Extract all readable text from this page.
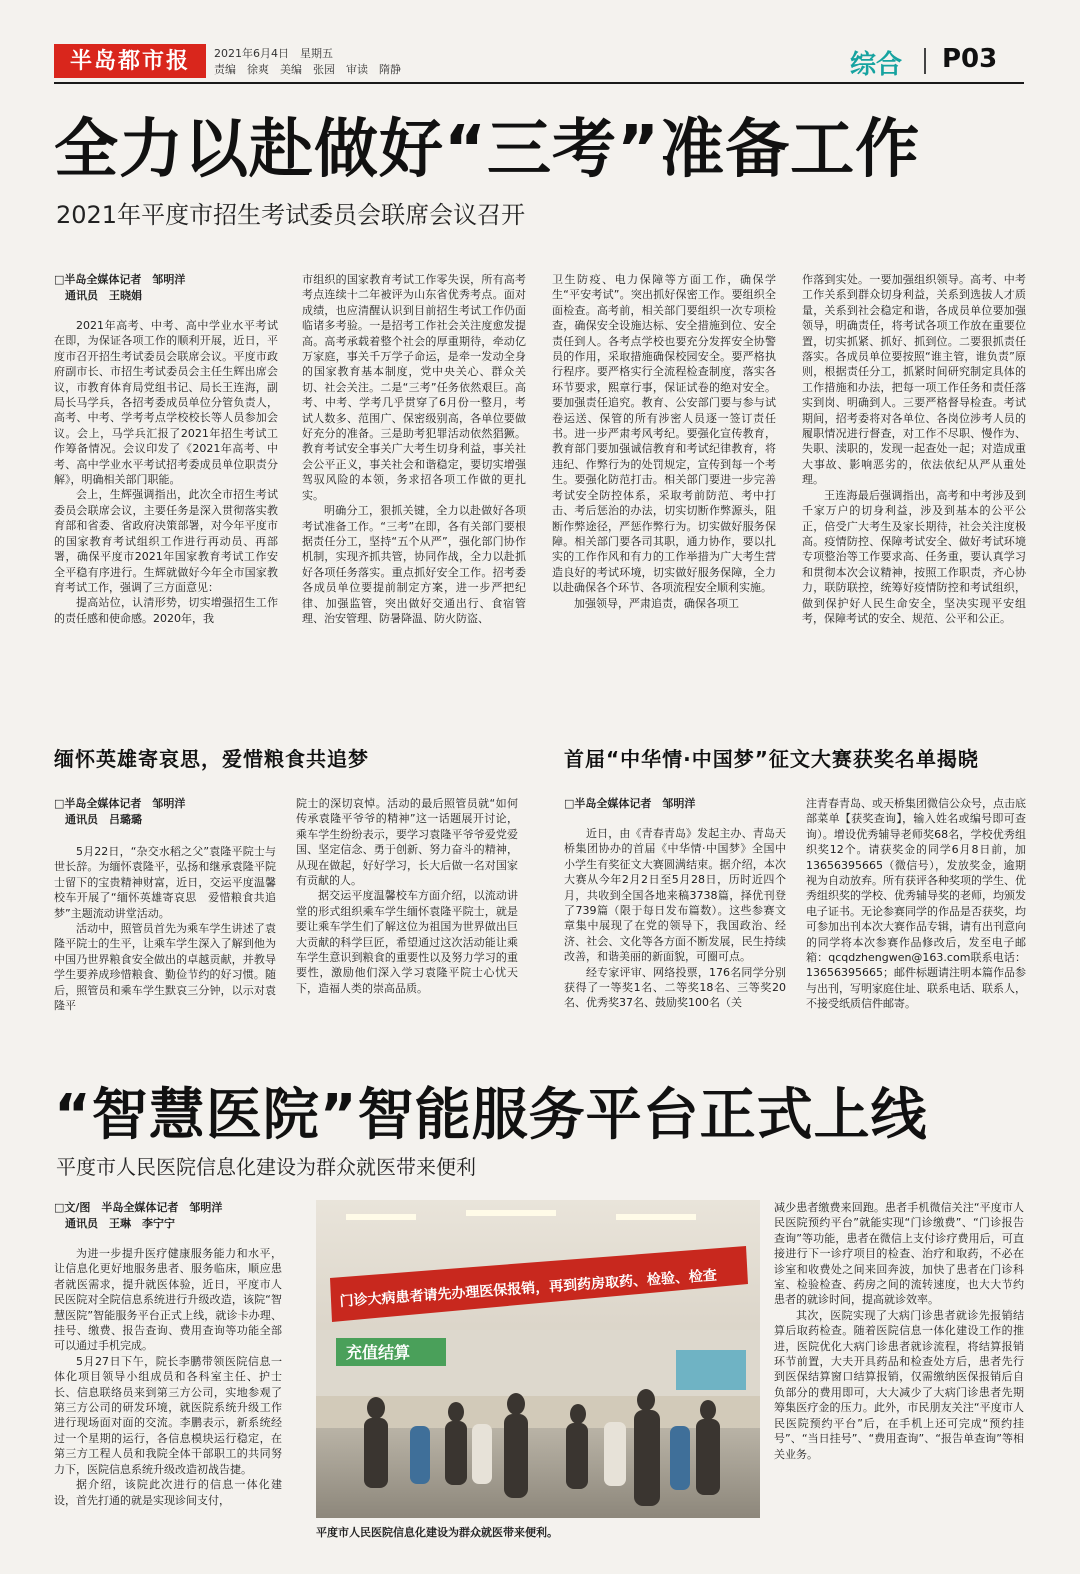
半岛都市报	2021年6月4日　星期五
责编　徐爽　美编　张园　审读　隋静	综合 P03
全力以赴做好“三考”准备工作
2021年平度市招生考试委员会联席会议召开
□半岛全媒体记者　邹明洋
　通讯员　王晓娟

2021年高考、中考、高中学业水平考试在即，为保证各项工作的顺利开展，近日，平度市召开招生考试委员会联席会议。平度市政府副市长、市招生考试委员会主任生辉出席会议，市教育体育局党组书记、局长王连海，副局长马学兵，各招考委成员单位分管负责人，高考、中考、学考考点学校校长等人员参加会议。会上，马学兵汇报了2021年招生考试工作筹备情况。会议印发了《2021年高考、中考、高中学业水平考试招考委成员单位职责分解》，明确相关部门职能。

会上，生辉强调指出，此次全市招生考试委员会联席会议，主要任务是深入贯彻落实教育部和省委、省政府决策部署，对今年平度市的国家教育考试组织工作进行再动员、再部署，确保平度市2021年国家教育考试工作安全平稳有序进行。生辉就做好今年全市国家教育考试工作，强调了三方面意见：

提高站位，认清形势，切实增强招生工作的责任感和使命感。2020年，我

市组织的国家教育考试工作零失误，所有高考考点连续十二年被评为山东省优秀考点。面对成绩，也应清醒认识到目前招生考试工作仍面临诸多考验。一是招考工作社会关注度愈发提高。高考承载着整个社会的厚重期待，牵动亿万家庭，事关千万学子命运，是牵一发动全身的国家教育基本制度，党中央关心、群众关切、社会关注。二是“三考”任务依然艰巨。高考、中考、学考几乎贯穿了6月份一整月，考试人数多、范围广、保密级别高，各单位要做好充分的准备。三是助考犯罪活动依然猖獗。教育考试安全事关广大考生切身利益，事关社会公平正义，事关社会和谐稳定，要切实增强驾驭风险的本领，务求招各项工作做的更扎实。

明确分工，狠抓关键，全力以赴做好各项考试准备工作。“三考”在即，各有关部门要根据责任分工，坚持“五个从严”，强化部门协作机制，实现齐抓共管，协同作战，全力以赴抓好各项任务落实。重点抓好安全工作。招考委各成员单位要提前制定方案，进一步严把纪律、加强监管，突出做好交通出行、食宿管理、治安管理、防暑降温、防火防盗、

卫生防疫、电力保障等方面工作，确保学生“平安考试”。突出抓好保密工作。要组织全面检查。高考前，相关部门要组织一次专项检查，确保安全设施达标、安全措施到位、安全责任到人。各考点学校也要充分发挥安全协警员的作用，采取措施确保校园安全。要严格执行程序。要严格实行全流程检查制度，落实各环节要求，熙章行事，保证试卷的绝对安全。要加强责任追究。教育、公安部门要与参与试卷运送、保管的所有涉密人员逐一签订责任书。进一步严肃考风考纪。要强化宣传教育，教育部门要加强诚信教育和考试纪律教育，将违纪、作弊行为的处罚规定，宣传到每一个考生。要强化防范打击。相关部门要进一步完善考试安全防控体系，采取考前防范、考中打击、考后惩治的办法，切实切断作弊源头，阻断作弊途径，严惩作弊行为。切实做好服务保障。相关部门要各司其职，通力协作，要以扎实的工作作风和有力的工作举措为广大考生营造良好的考试环境，切实做好服务保障，全力以赴确保各个环节、各项流程安全顺利实施。

加强领导，严肃追责，确保各项工

作落到实处。一要加强组织领导。高考、中考工作关系到群众切身利益，关系到选拔人才质量，关系到社会稳定和谐，各成员单位要加强领导，明确责任，将考试各项工作放在重要位置，切实抓紧、抓好、抓到位。二要狠抓责任落实。各成员单位要按照“谁主管，谁负责”原则，根据责任分工，抓紧时间研究制定具体的工作措施和办法，把每一项工作任务和责任落实到岗、明确到人。三要严格督导检查。考试期间，招考委将对各单位、各岗位涉考人员的履职情况进行督查，对工作不尽职、慢作为、失职、渎职的，发现一起查处一起；对造成重大事故、影响恶劣的，依法依纪从严从重处理。

王连海最后强调指出，高考和中考涉及到千家万户的切身利益，涉及到基本的公平公正，倍受广大考生及家长期待，社会关注度极高。疫情防控、保障考试安全、做好考试环境专项整治等工作要求高、任务重，要认真学习和贯彻本次会议精神，按照工作职责，齐心协力，联防联控，统筹好疫情防控和考试组织，做到保护好人民生命安全，坚决实现平安组考，保障考试的安全、规范、公平和公正。

缅怀英雄寄哀思，爱惜粮食共追梦
□半岛全媒体记者　邹明洋
　通讯员　吕璐璐

5月22日，“杂交水稻之父”袁隆平院士与世长辞。为缅怀袁隆平，弘扬和继承袁隆平院士留下的宝贵精神财富，近日，交运平度温馨校车开展了“缅怀英雄寄哀思　爱惜粮食共追梦”主题流动讲堂活动。

活动中，照管员首先为乘车学生讲述了袁隆平院士的生平，让乘车学生深入了解到他为中国乃世界粮食安全做出的卓越贡献，并教导学生要养成珍惜粮食、勤俭节约的好习惯。随后，照管员和乘车学生默哀三分钟，以示对袁隆平

院士的深切哀悼。活动的最后照管员就“如何传承袁隆平爷爷的精神”这一话题展开讨论，乘车学生纷纷表示，要学习袁隆平爷爷爱党爱国、坚定信念、勇于创新、努力奋斗的精神，从现在做起，好好学习，长大后做一名对国家有贡献的人。

据交运平度温馨校车方面介绍，以流动讲堂的形式组织乘车学生缅怀袁隆平院士，就是要让乘车学生们了解这位为祖国为世界做出巨大贡献的科学巨匠，希望通过这次活动能让乘车学生意识到粮食的重要性以及努力学习的重要性，激励他们深入学习袁隆平院士心忧天下，造福人类的崇高品质。

首届“中华情·中国梦”征文大赛获奖名单揭晓
□半岛全媒体记者　邹明洋

近日，由《青春青岛》发起主办、青岛天桥集团协办的首届《中华情·中国梦》全国中小学生有奖征文大赛圆满结束。据介绍，本次大赛从今年2月2日至5月28日，历时近四个月，共收到全国各地来稿3738篇，择优刊登了739篇（限于每日发布篇数）。这些参赛文章集中展现了在党的领导下，我国政治、经济、社会、文化等各方面不断发展，民生持续改善，和谐美丽的新面貌，可圈可点。

经专家评审、网络投票，176名同学分别获得了一等奖1名、二等奖18名、三等奖20名、优秀奖37名、鼓励奖100名（关

注青春青岛、或天桥集团微信公众号，点击底部菜单【获奖查询】，输入姓名或编号即可查询）。增设优秀辅导老师奖68名，学校优秀组织奖12个。请获奖金的同学6月8日前，加13656395665（微信号），发放奖金，逾期视为自动放弃。所有获评各种奖项的学生、优秀组织奖的学校、优秀辅导奖的老师，均颁发电子证书。无论参赛同学的作品是否获奖，均可参加出刊本次大赛作品专辑，请有出刊意向的同学将本次参赛作品修改后，发至电子邮箱：qcqdzhengwen@163.com联系电话：13656395665；邮件标题请注明本篇作品参与出刊，写明家庭住址、联系电话、联系人，不接受纸质信件邮寄。

“智慧医院”智能服务平台正式上线
平度市人民医院信息化建设为群众就医带来便利
□文/图　半岛全媒体记者　邹明洋
　通讯员　王琳　李宁宁

为进一步提升医疗健康服务能力和水平，让信息化更好地服务患者、服务临床，顺应患者就医需求，提升就医体验，近日，平度市人民医院对全院信息系统进行升级改造，该院“智慧医院”智能服务平台正式上线，就诊卡办理、挂号、缴费、报告查询、费用查询等功能全部可以通过手机完成。

5月27日下午，院长李鹏带领医院信息一体化项目领导小组成员和各科室主任、护士长、信息联络员来到第三方公司，实地参观了第三方公司的研发环境，就医院系统升级工作进行现场面对面的交流。李鹏表示，新系统经过一个星期的运行，各信息模块运行稳定，在第三方工程人员和我院全体干部职工的共同努力下，医院信息系统升级改造初战告捷。

据介绍，该院此次进行的信息一体化建设，首先打通的就是实现诊间支付，

门诊大病患者请先办理医保报销，再到药房取药、检验、检查
充值结算
平度市人民医院信息化建设为群众就医带来便利。

减少患者缴费来回跑。患者手机微信关注“平度市人民医院预约平台”就能实现“门诊缴费”、“门诊报告查询”等功能，患者在微信上支付诊疗费用后，可直接进行下一诊疗项目的检查、治疗和取药，不必在诊室和收费处之间来回奔波，加快了患者在门诊科室、检验检查、药房之间的流转速度，也大大节约患者的就诊时间，提高就诊效率。

其次，医院实现了大病门诊患者就诊先报销结算后取药检查。随着医院信息一体化建设工作的推进，医院优化大病门诊患者就诊流程，将结算报销环节前置，大夫开具药品和检查处方后，患者先行到医保结算窗口结算报销，仅需缴纳医保报销后自负部分的费用即可，大大减少了大病门诊患者先期筹集医疗金的压力。此外，市民朋友关注“平度市人民医院预约平台”后，在手机上还可完成“预约挂号”、“当日挂号”、“费用查询”、“报告单查询”等相关业务。
